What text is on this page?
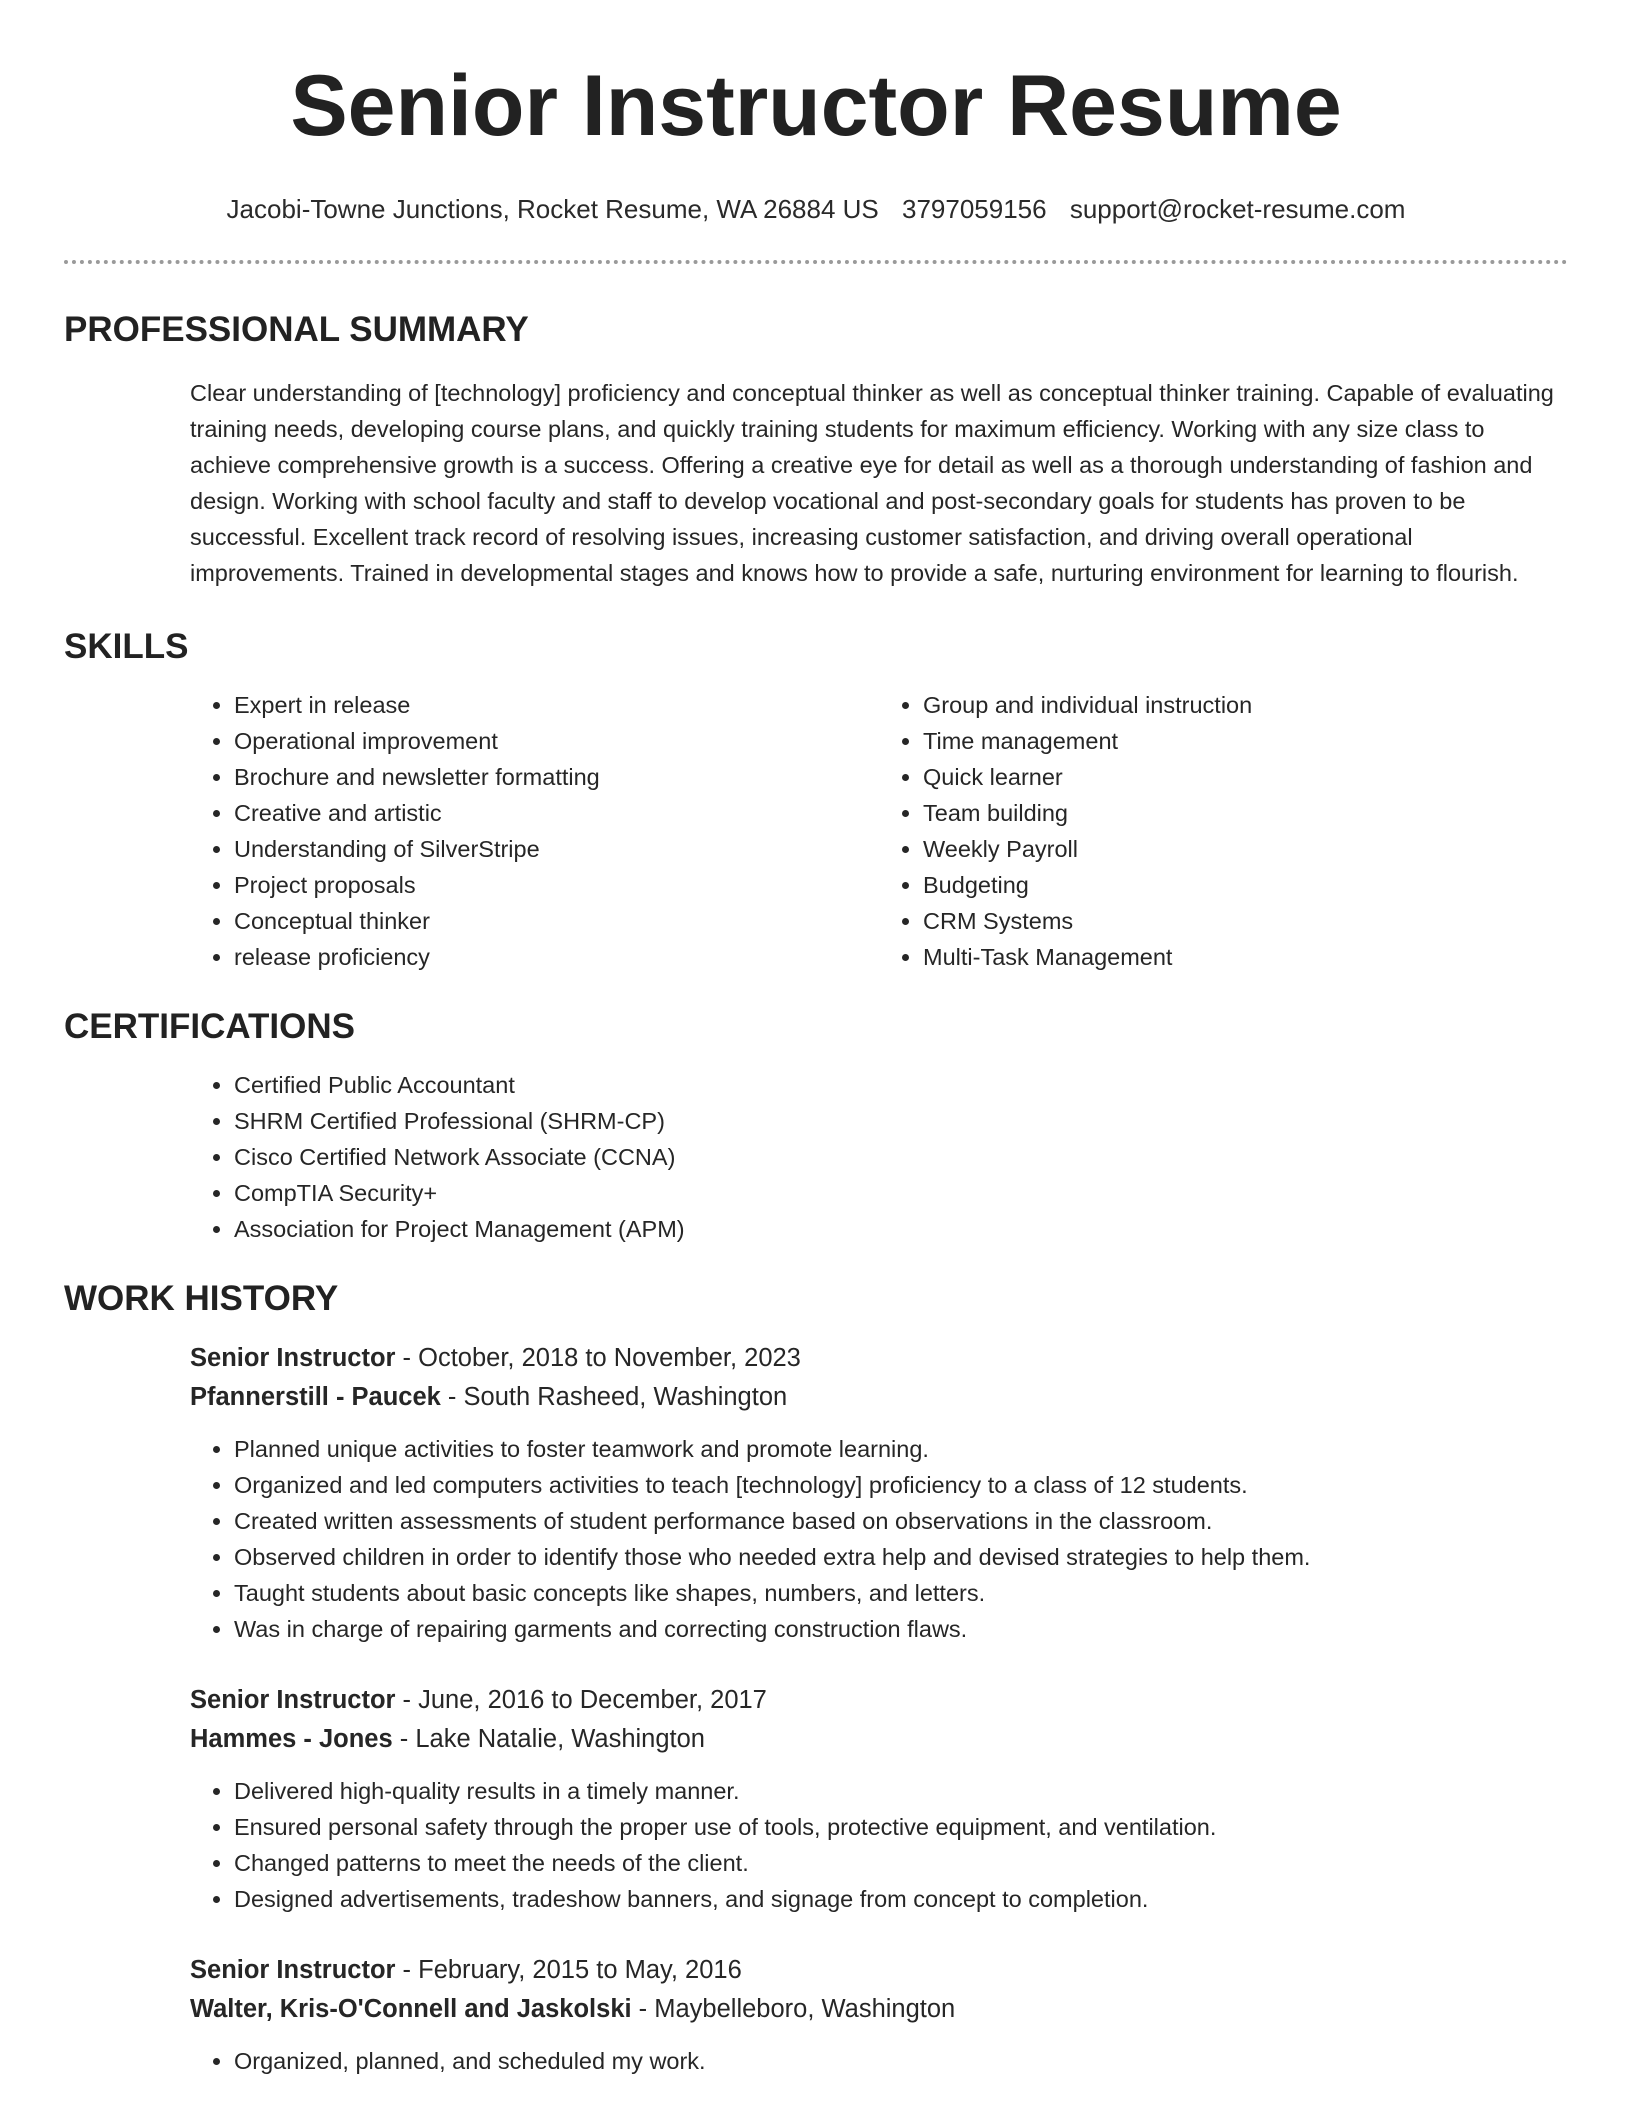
Senior Instructor Resume
Jacobi-Towne Junctions, Rocket Resume, WA 26884 US 3797059156 support@rocket-resume.com
PROFESSIONAL SUMMARY

Clear understanding of [technology] proficiency and conceptual thinker as well as conceptual thinker training. Capable of evaluating training needs, developing course plans, and quickly training students for maximum efficiency. Working with any size class to achieve comprehensive growth is a success. Offering a creative eye for detail as well as a thorough understanding of fashion and design. Working with school faculty and staff to develop vocational and post-secondary goals for students has proven to be successful. Excellent track record of resolving issues, increasing customer satisfaction, and driving overall operational improvements. Trained in developmental stages and knows how to provide a safe, nurturing environment for learning to flourish.

SKILLS
• Expert in release
• Operational improvement
• Brochure and newsletter formatting
• Creative and artistic
• Understanding of SilverStripe
• Project proposals
• Conceptual thinker
• release proficiency
• Group and individual instruction
• Time management
• Quick learner
• Team building
• Weekly Payroll
• Budgeting
• CRM Systems
• Multi-Task Management
CERTIFICATIONS
• Certified Public Accountant
• SHRM Certified Professional (SHRM-CP)
• Cisco Certified Network Associate (CCNA)
• CompTIA Security+
• Association for Project Management (APM)
WORK HISTORY
Senior Instructor - October, 2018 to November, 2023
Pfannerstill - Paucek - South Rasheed, Washington
• Planned unique activities to foster teamwork and promote learning.
• Organized and led computers activities to teach [technology] proficiency to a class of 12 students.
• Created written assessments of student performance based on observations in the classroom.
• Observed children in order to identify those who needed extra help and devised strategies to help them.
• Taught students about basic concepts like shapes, numbers, and letters.
• Was in charge of repairing garments and correcting construction flaws.
Senior Instructor - June, 2016 to December, 2017
Hammes - Jones - Lake Natalie, Washington
• Delivered high-quality results in a timely manner.
• Ensured personal safety through the proper use of tools, protective equipment, and ventilation.
• Changed patterns to meet the needs of the client.
• Designed advertisements, tradeshow banners, and signage from concept to completion.
Senior Instructor - February, 2015 to May, 2016
Walter, Kris-O'Connell and Jaskolski - Maybelleboro, Washington
• Organized, planned, and scheduled my work.
